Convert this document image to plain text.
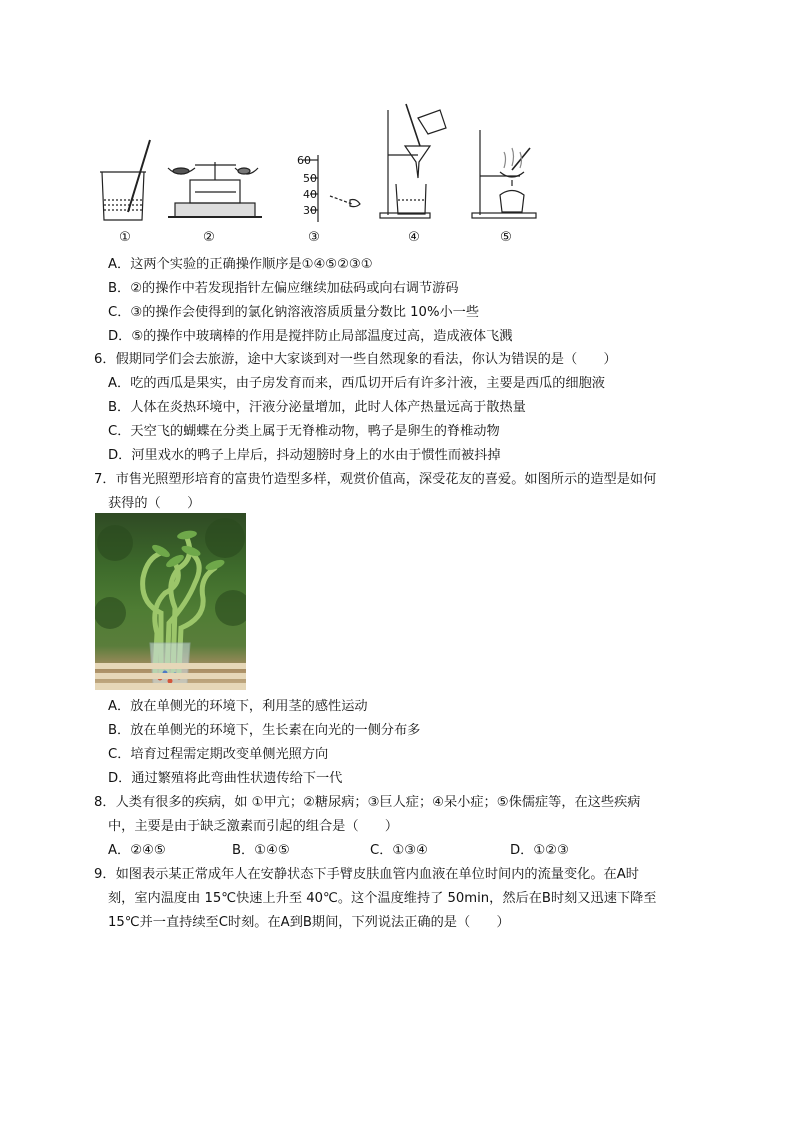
60
50
40
30
①	②	③	④	⑤
A．这两个实验的正确操作顺序是①④⑤②③①
B．②的操作中若发现指针左偏应继续加砝码或向右调节游码
C．③的操作会使得到的氯化钠溶液溶质质量分数比 10%小一些
D．⑤的操作中玻璃棒的作用是搅拌防止局部温度过高，造成液体飞溅
6．假期同学们会去旅游，途中大家谈到对一些自然现象的看法，你认为错误的是（　　）
A．吃的西瓜是果实，由子房发育而来，西瓜切开后有许多汁液，主要是西瓜的细胞液
B．人体在炎热环境中，汗液分泌量增加，此时人体产热量远高于散热量
C．天空飞的蝴蝶在分类上属于无脊椎动物，鸭子是卵生的脊椎动物
D．河里戏水的鸭子上岸后，抖动翅膀时身上的水由于惯性而被抖掉
7．市售光照塑形培育的富贵竹造型多样，观赏价值高，深受花友的喜爱。如图所示的造型是如何
获得的（　　）
A．放在单侧光的环境下，利用茎的感性运动
B．放在单侧光的环境下，生长素在向光的一侧分布多
C．培育过程需定期改变单侧光照方向
D．通过繁殖将此弯曲性状遗传给下一代
8．人类有很多的疾病，如 ①甲亢；②糖尿病；③巨人症；④呆小症；⑤侏儒症等，在这些疾病
中，主要是由于缺乏激素而引起的组合是（　　）
A．②④⑤	B．①④⑤	C．①③④	D．①②③
9．如图表示某正常成年人在安静状态下手臂皮肤血管内血液在单位时间内的流量变化。在A时
刻，室内温度由 15℃快速上升至 40℃。这个温度维持了 50min，然后在B时刻又迅速下降至
15℃并一直持续至C时刻。在A到B期间，下列说法正确的是（　　）
